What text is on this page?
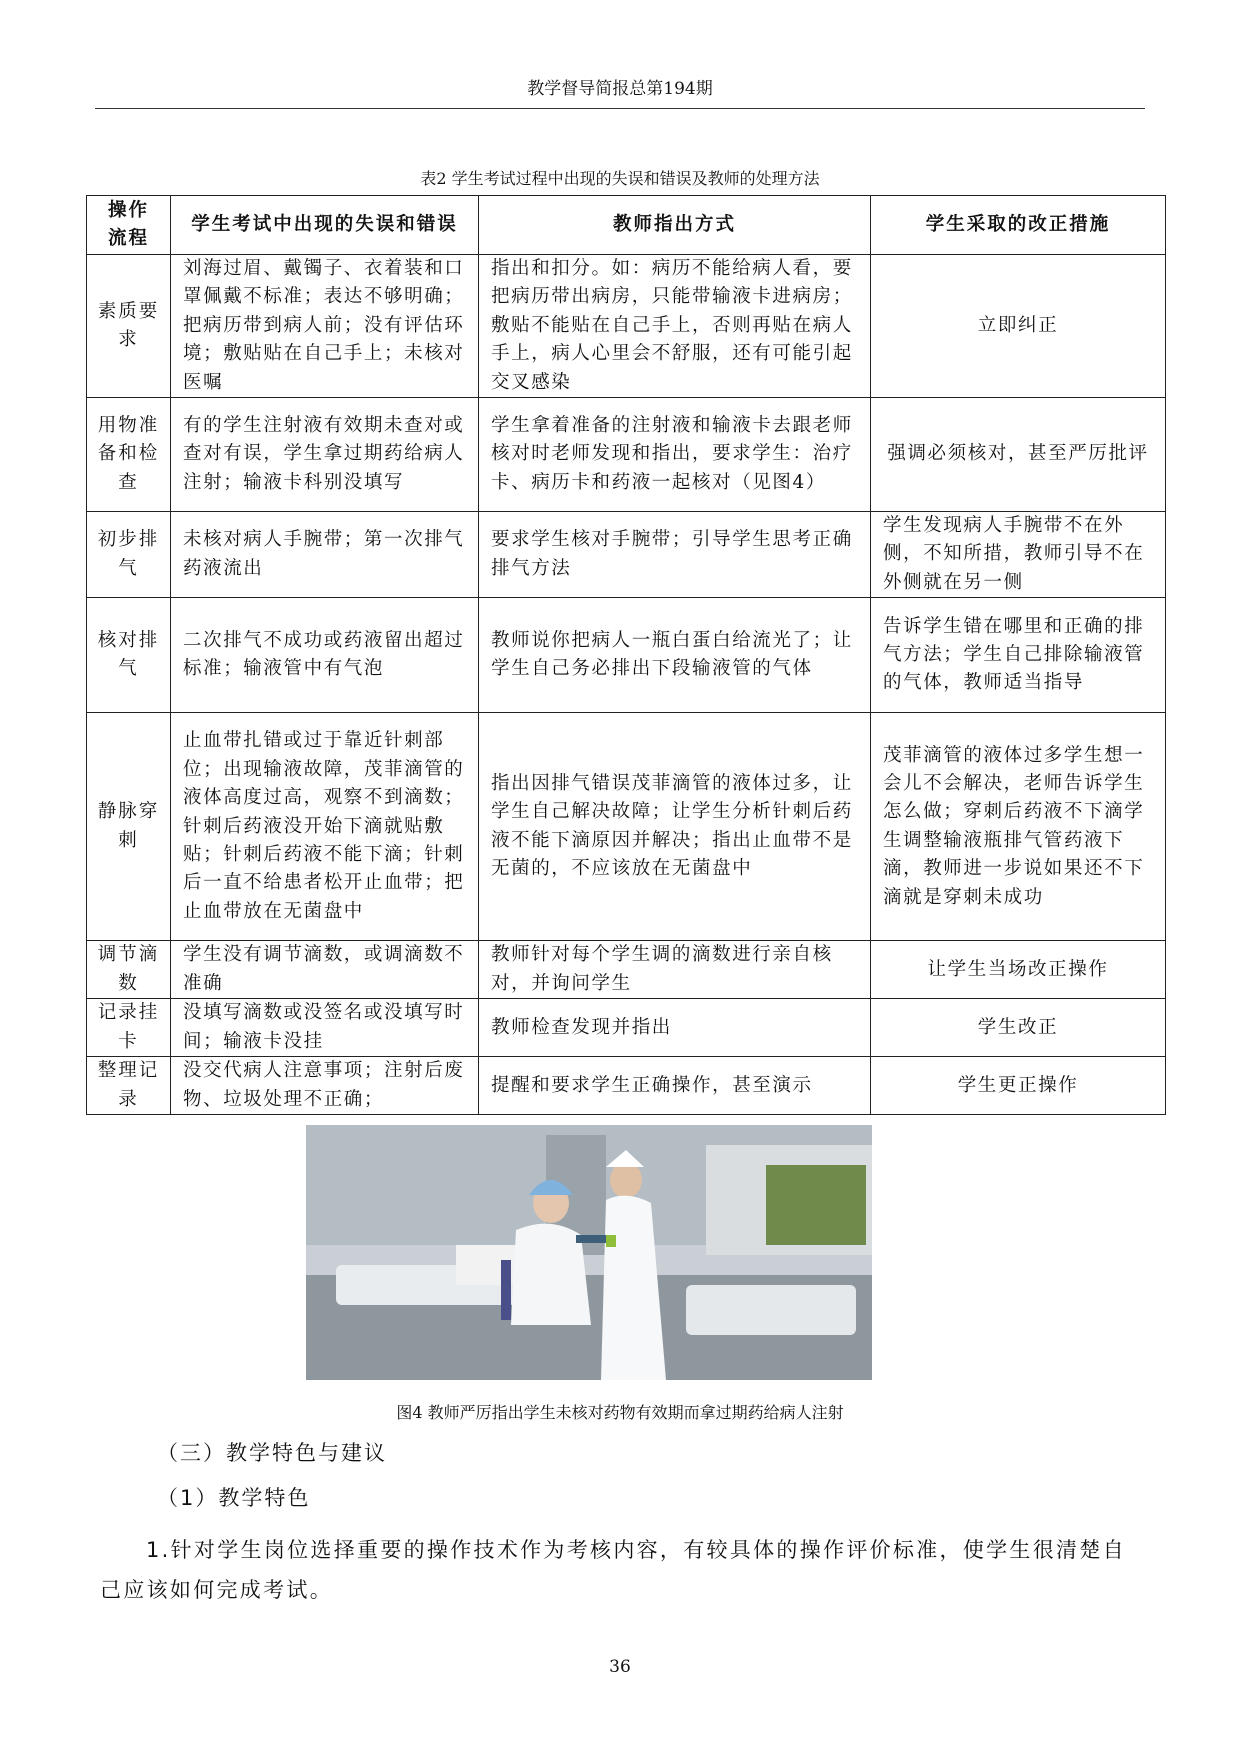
教学督导简报总第194期
表2 学生考试过程中出现的失误和错误及教师的处理方法
操作流程	学生考试中出现的失误和错误	教师指出方式	学生采取的改正措施
素质要求	刘海过眉、戴镯子、衣着装和口罩佩戴不标准；表达不够明确；把病历带到病人前；没有评估环境；敷贴贴在自己手上；未核对医嘱	指出和扣分。如：病历不能给病人看，要把病历带出病房，只能带输液卡进病房；敷贴不能贴在自己手上，否则再贴在病人手上，病人心里会不舒服，还有可能引起交叉感染	立即纠正
用物准备和检查	有的学生注射液有效期未查对或查对有误，学生拿过期药给病人注射；输液卡科别没填写	学生拿着准备的注射液和输液卡去跟老师核对时老师发现和指出，要求学生：治疗卡、病历卡和药液一起核对（见图4）	强调必须核对，甚至严厉批评
初步排气	未核对病人手腕带；第一次排气药液流出	要求学生核对手腕带；引导学生思考正确排气方法	学生发现病人手腕带不在外侧，不知所措，教师引导不在外侧就在另一侧
核对排气	二次排气不成功或药液留出超过标准；输液管中有气泡	教师说你把病人一瓶白蛋白给流光了；让学生自己务必排出下段输液管的气体	告诉学生错在哪里和正确的排气方法；学生自己排除输液管的气体，教师适当指导
静脉穿刺	止血带扎错或过于靠近针刺部位；出现输液故障，茂菲滴管的液体高度过高，观察不到滴数；针刺后药液没开始下滴就贴敷贴；针刺后药液不能下滴；针刺后一直不给患者松开止血带；把止血带放在无菌盘中	指出因排气错误茂菲滴管的液体过多，让学生自己解决故障；让学生分析针刺后药液不能下滴原因并解决；指出止血带不是无菌的，不应该放在无菌盘中	茂菲滴管的液体过多学生想一会儿不会解决，老师告诉学生怎么做；穿刺后药液不下滴学生调整输液瓶排气管药液下滴，教师进一步说如果还不下滴就是穿刺未成功
调节滴数	学生没有调节滴数，或调滴数不准确	教师针对每个学生调的滴数进行亲自核对，并询问学生	让学生当场改正操作
记录挂卡	没填写滴数或没签名或没填写时间；输液卡没挂	教师检查发现并指出	学生改正
整理记录	没交代病人注意事项；注射后废物、垃圾处理不正确；	提醒和要求学生正确操作，甚至演示	学生更正操作
图4 教师严厉指出学生未核对药物有效期而拿过期药给病人注射
（三）教学特色与建议
（1）教学特色
1.针对学生岗位选择重要的操作技术作为考核内容，有较具体的操作评价标准，使学生很清楚自己应该如何完成考试。
36
